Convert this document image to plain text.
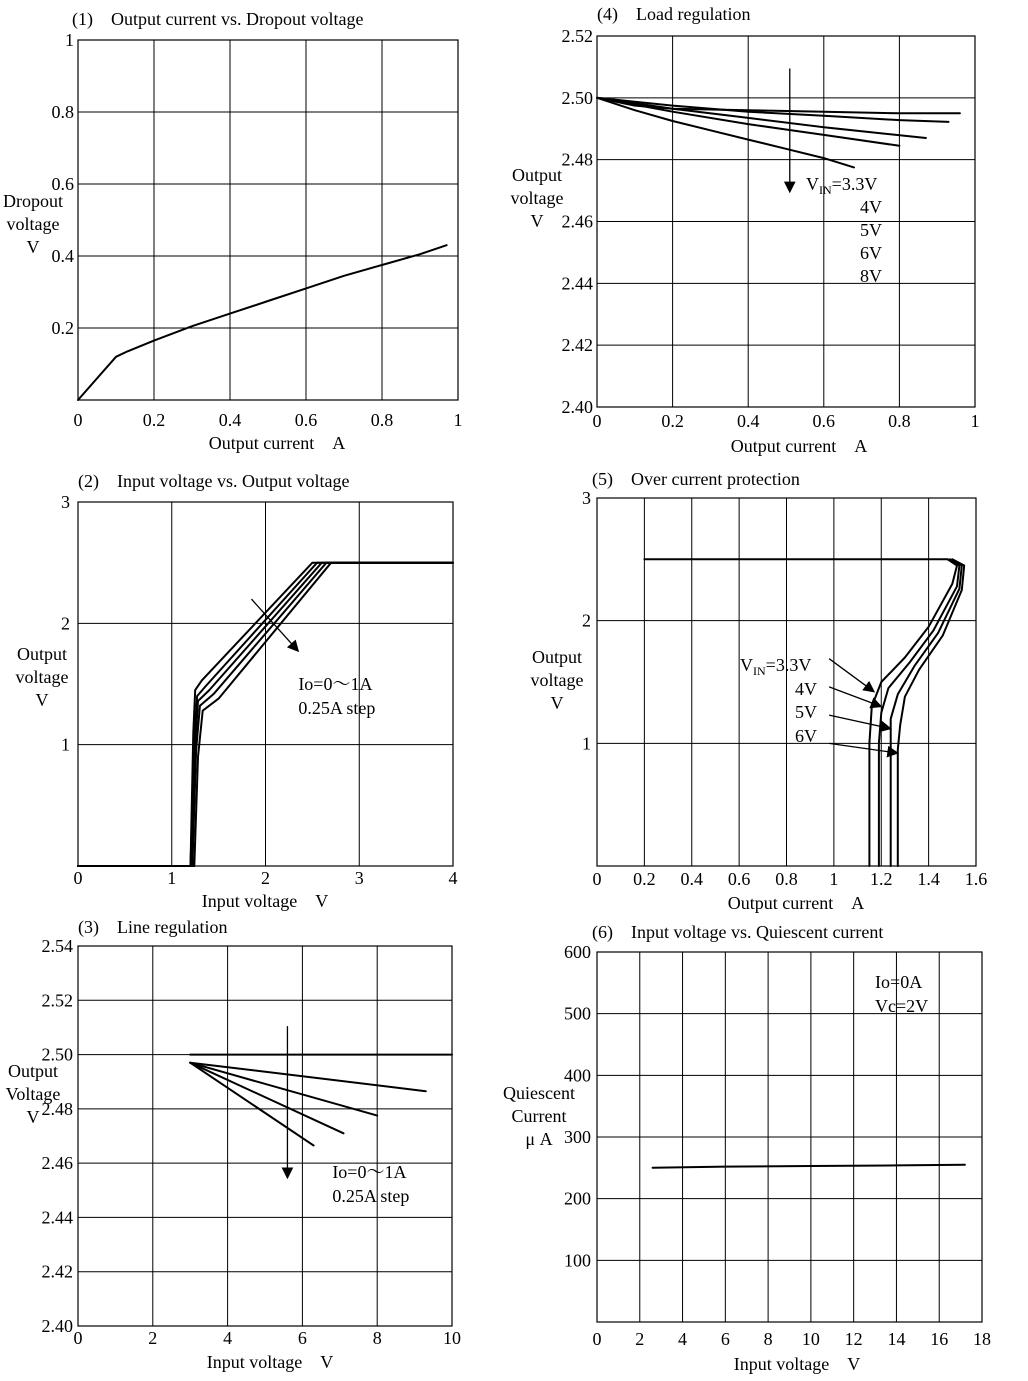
0	0.2	0.4	0.6	0.8	1
0.2
0.4
0.6
0.8
1
(1)　Output current vs. Dropout voltage
Output current　A
Dropout
voltage
V
0	1	2	3	4
1
2
3
(2)　Input voltage vs. Output voltage
Input voltage　V
Output
voltage
V
Io=0〜1A
0.25A step
0	2	4	6	8	10
2.40
2.42
2.44
2.46
2.48
2.50
2.52
2.54
(3)　Line regulation
Input voltage　V
Output
Voltage
V
Io=0〜1A
0.25A step
0	0.2	0.4	0.6	0.8	1
2.40
2.42
2.44
2.46
2.48
2.50
2.52
(4)　Load regulation
Output current　A
Output
voltage
V
$V_{IN}=3.3V$
4V
5V
6V
8V
0 0.2 0.4 0.6 0.8 1 1.2 1.4 1.6
1
2
3
(5)　Over current protection
Output current　A
Output
voltage
V
$V_{IN}=3.3V$
4V
5V
6V
0 2 4 6 8 10 12 14 16 18
100
200
300
400
500
600
(6)　Input voltage vs. Quiescent current
Input voltage　V
Quiescent
Current
μ A
Io=0A
Vc=2V
